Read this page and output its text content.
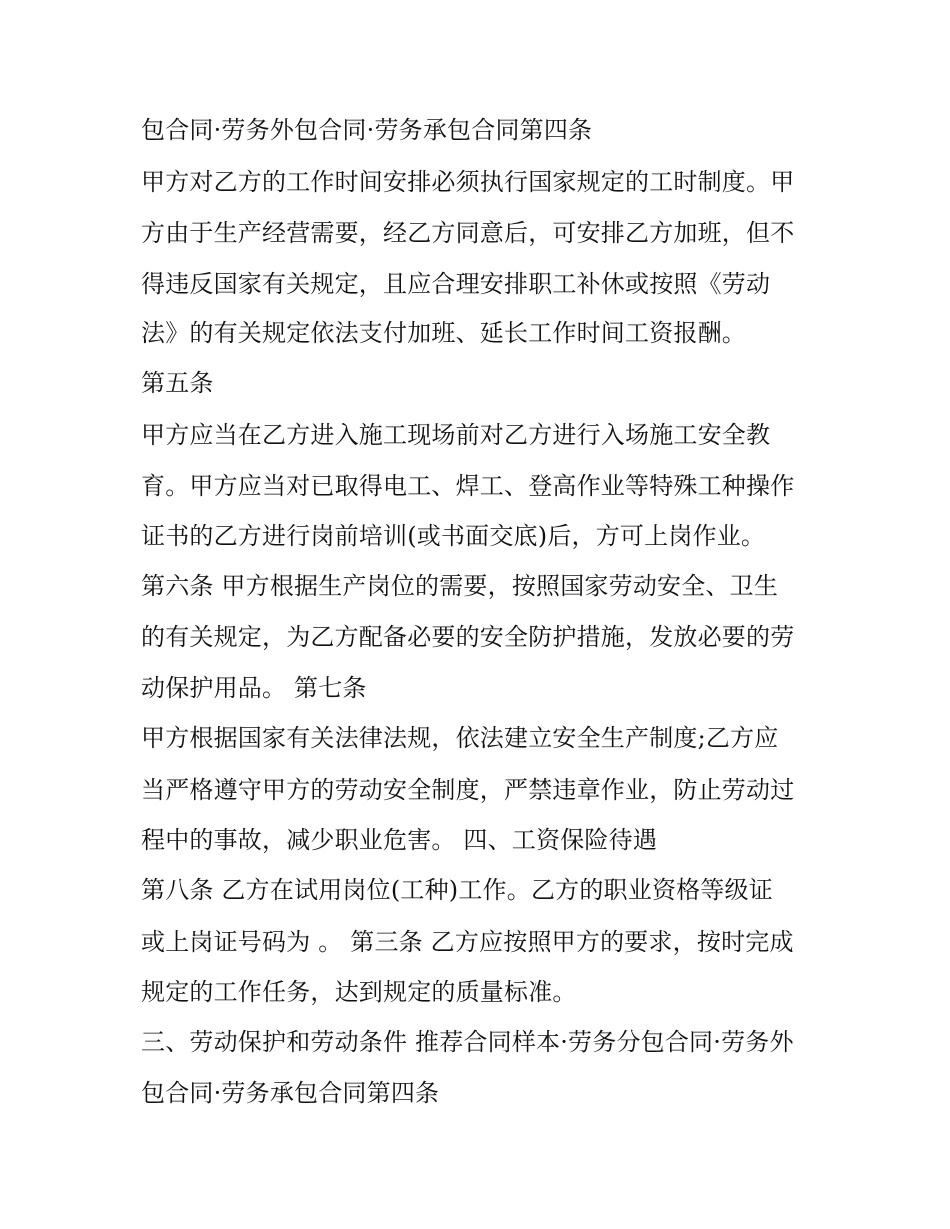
包合同·劳务外包合同·劳务承包合同第四条
甲方对乙方的工作时间安排必须执行国家规定的工时制度。甲
方由于生产经营需要，经乙方同意后，可安排乙方加班，但不
得违反国家有关规定，且应合理安排职工补休或按照《劳动
法》的有关规定依法支付加班、延长工作时间工资报酬。
第五条
甲方应当在乙方进入施工现场前对乙方进行入场施工安全教
育。甲方应当对已取得电工、焊工、登高作业等特殊工种操作
证书的乙方进行岗前培训(或书面交底)后，方可上岗作业。
第六条 甲方根据生产岗位的需要，按照国家劳动安全、卫生
的有关规定，为乙方配备必要的安全防护措施，发放必要的劳
动保护用品。 第七条
甲方根据国家有关法律法规，依法建立安全生产制度;乙方应
当严格遵守甲方的劳动安全制度，严禁违章作业，防止劳动过
程中的事故，减少职业危害。 四、工资保险待遇
第八条 乙方在试用岗位(工种)工作。乙方的职业资格等级证
或上岗证号码为 。 第三条 乙方应按照甲方的要求，按时完成
规定的工作任务，达到规定的质量标准。
三、劳动保护和劳动条件 推荐合同样本·劳务分包合同·劳务外
包合同·劳务承包合同第四条
